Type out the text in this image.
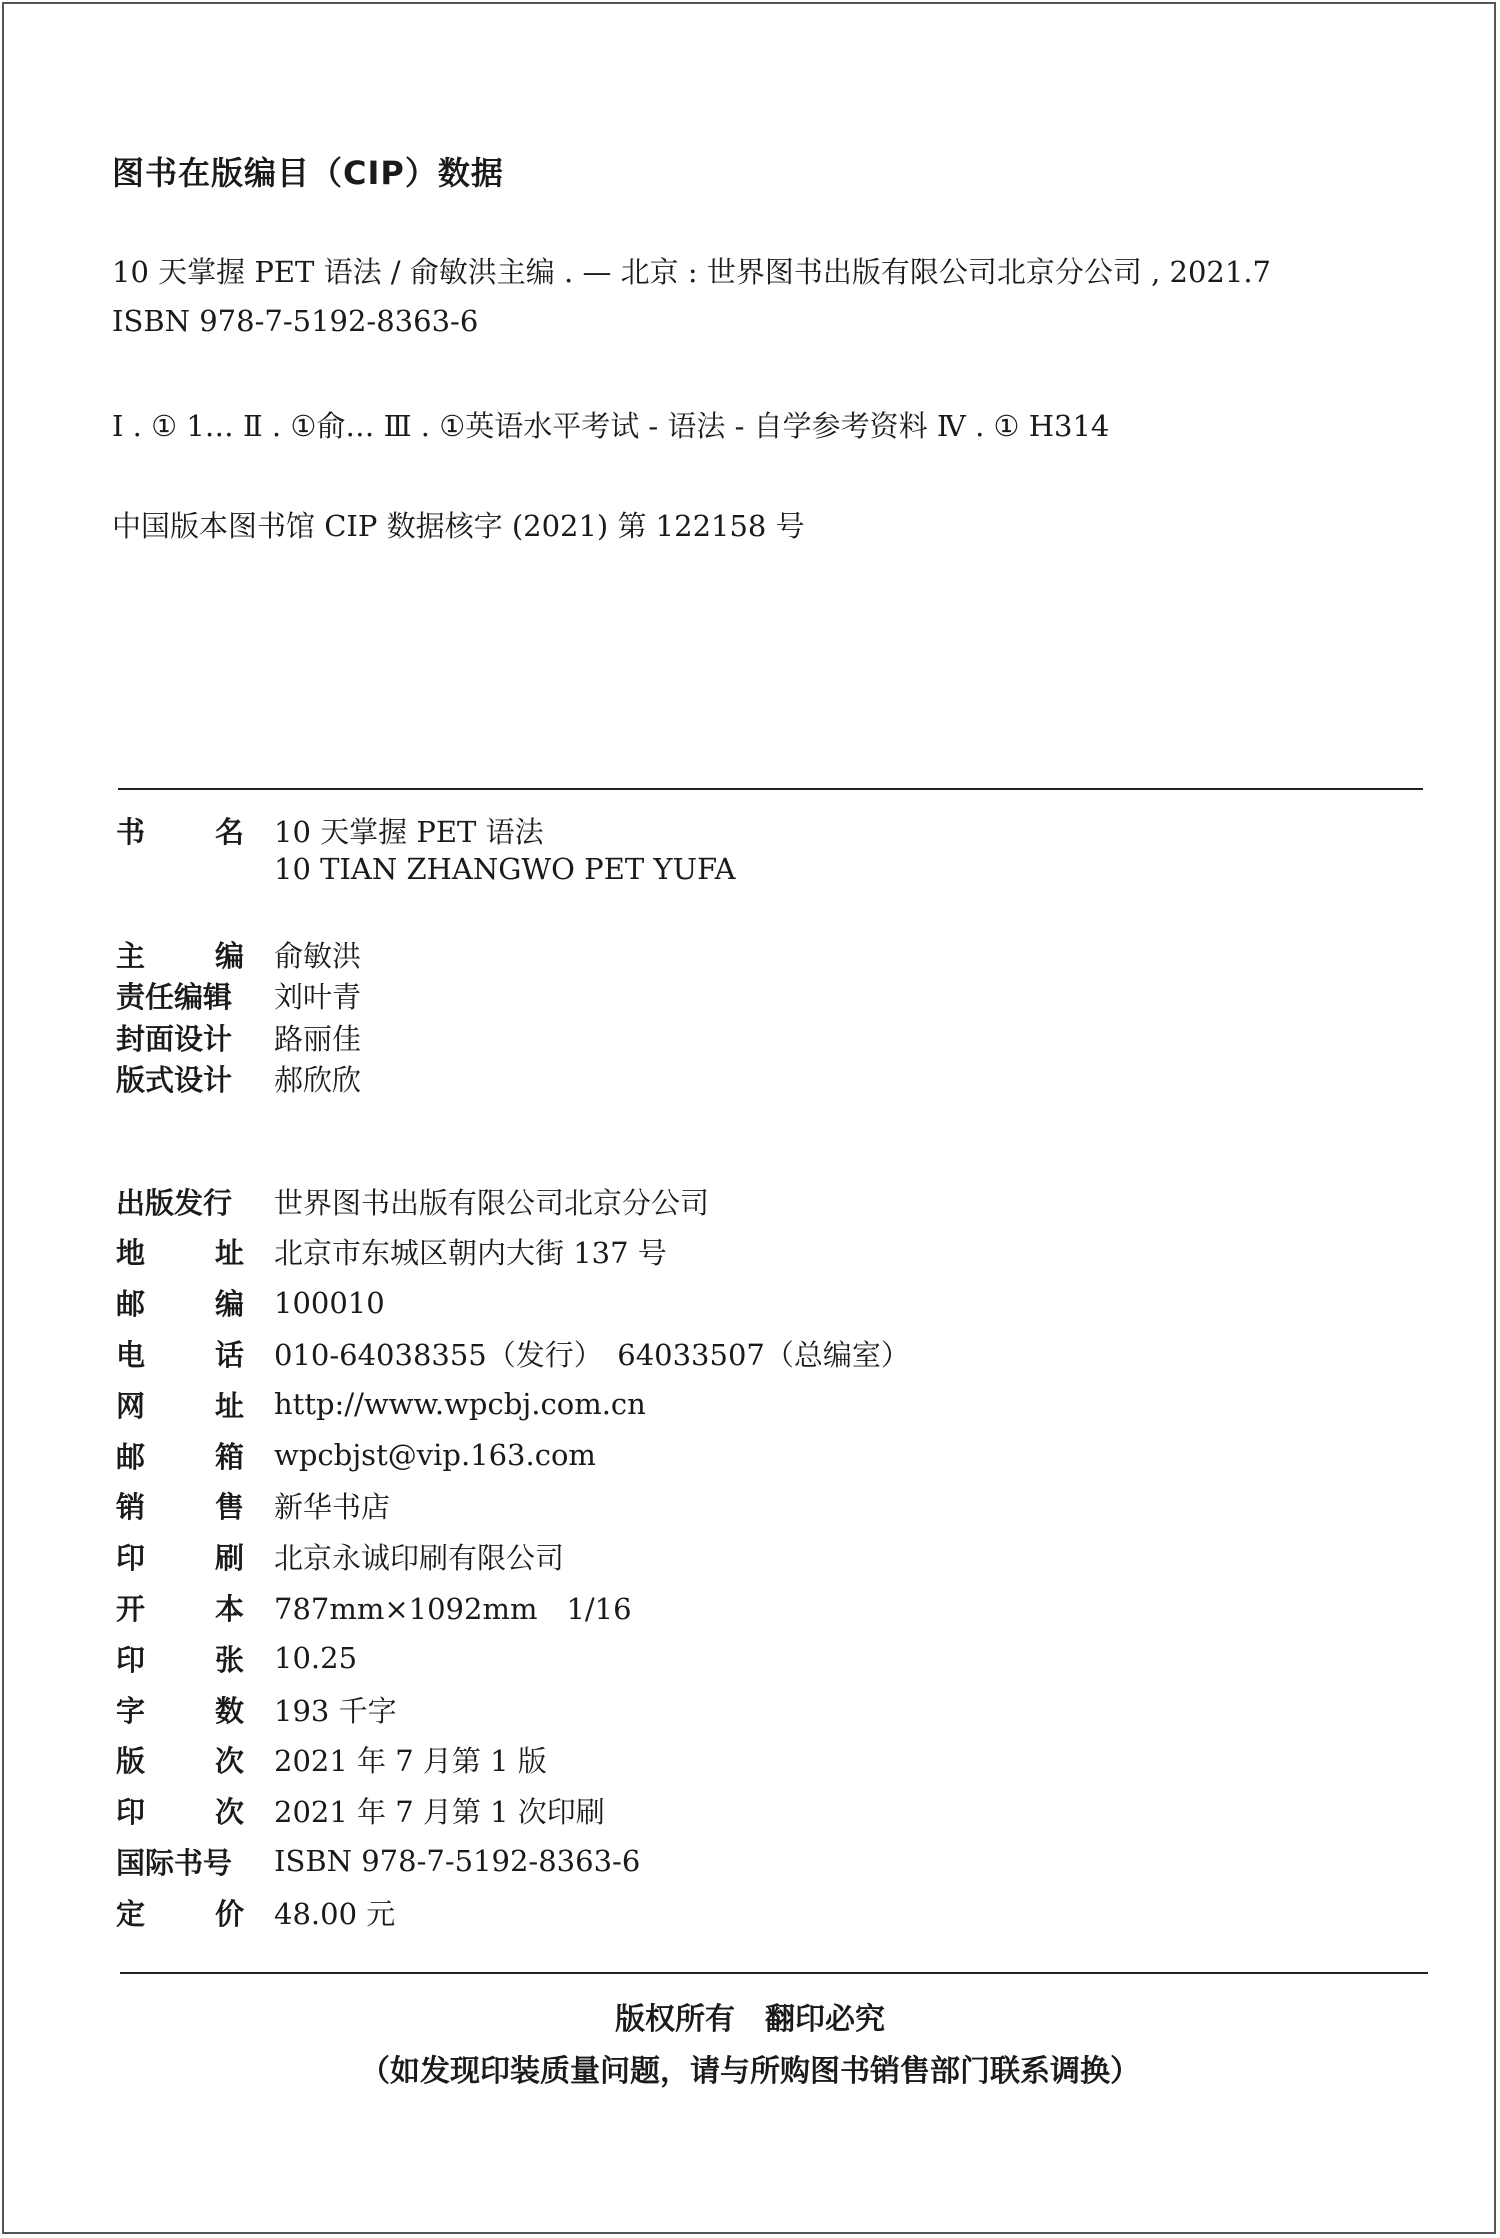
图书在版编目（CIP）数据
10 天掌握 PET 语法 / 俞敏洪主编 . — 北京 : 世界图书出版有限公司北京分公司 , 2021.7
ISBN 978-7-5192-8363-6
Ⅰ . ① 1… Ⅱ . ①俞… Ⅲ . ①英语水平考试 - 语法 - 自学参考资料 Ⅳ . ① H314
中国版本图书馆 CIP 数据核字 (2021) 第 122158 号
书 名 10 天掌握 PET 语法
10 TIAN ZHANGWO PET YUFA
主 编 俞敏洪
责任编辑 刘叶青
封面设计 路丽佳
版式设计 郝欣欣
出版发行 世界图书出版有限公司北京分公司
地 址 北京市东城区朝内大街 137 号
邮 编 100010
电 话 010-64038355（发行）　64033507（总编室）
网 址 http://www.wpcbj.com.cn
邮 箱 wpcbjst@vip.163.com
销 售 新华书店
印 刷 北京永诚印刷有限公司
开 本 787mm×1092mm　1/16
印 张 10.25
字 数 193 千字
版 次 2021 年 7 月第 1 版
印 次 2021 年 7 月第 1 次印刷
国际书号 ISBN 978-7-5192-8363-6
定 价 48.00 元
版权所有　翻印必究
（如发现印装质量问题，请与所购图书销售部门联系调换）
